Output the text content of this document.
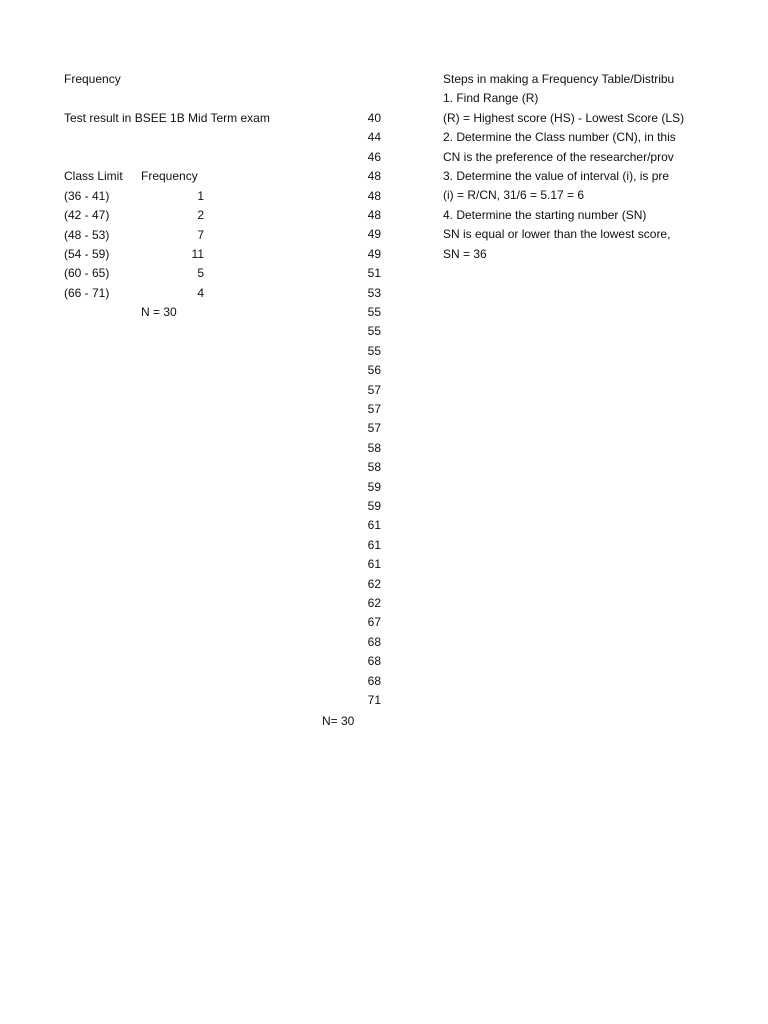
Frequency
Test result in BSEE 1B Mid Term exam
Class Limit Frequency
(36 - 41)	1
(42 - 47)	2
(48 - 53)	7
(54 - 59)	11
(60 - 65)	5
(66 - 71)	4
N = 30
40
44
46
48
48
48
49
49
51
53
55
55
55
56
57
57
57
58
58
59
59
61
61
61
62
62
67
68
68
68
71
N= 30
Steps in making a Frequency Table/Distribu
1. Find Range (R)
(R) = Highest score (HS) - Lowest Score (LS)
2. Determine the Class number (CN), in this
CN is the preference of the researcher/prov
3. Determine the value of interval (i), is pre
(i) = R/CN, 31/6 = 5.17 = 6
4. Determine the starting number (SN)
SN is equal or lower than the lowest score,
SN = 36
